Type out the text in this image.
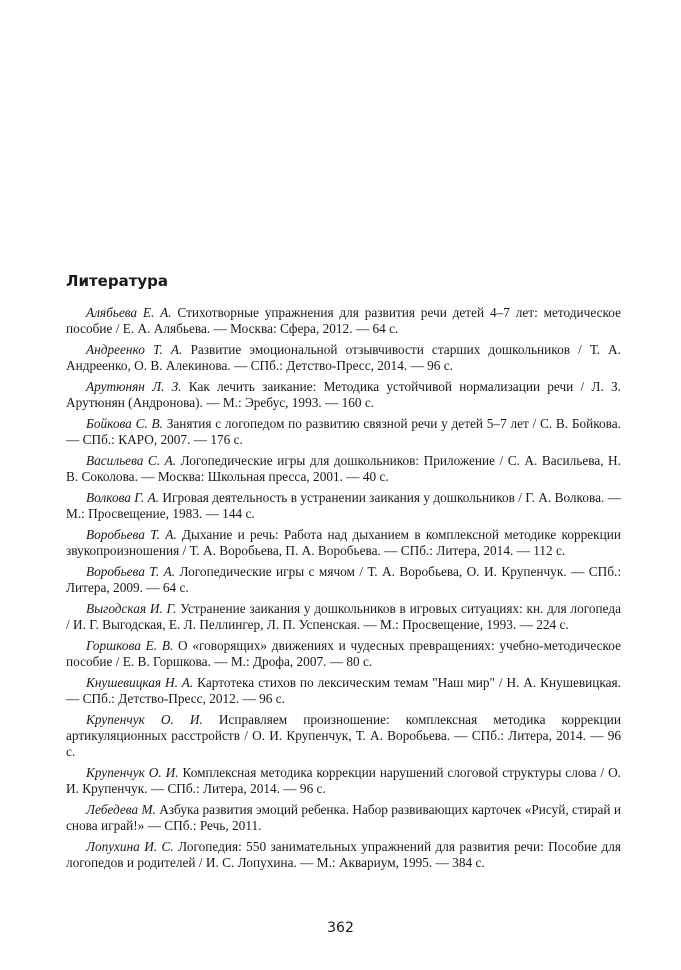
Литература

Алябьева Е. А. Стихотворные упражнения для развития речи детей 4–7 лет: методическое пособие / Е. А. Алябьева. — Москва: Сфера, 2012. — 64 с.

Андреенко Т. А. Развитие эмоциональной отзывчивости старших дошкольников / Т. А. Андреенко, О. В. Алекинова. — СПб.: Детство-Пресс, 2014. — 96 с.

Арутюнян Л. З. Как лечить заикание: Методика устойчивой нормализации речи / Л. З. Арутюнян (Андронова). — М.: Эребус, 1993. — 160 с.

Бойкова С. В. Занятия с логопедом по развитию связной речи у детей 5–7 лет / С. В. Бойкова. — СПб.: КАРО, 2007. — 176 с.

Васильева С. А. Логопедические игры для дошкольников: Приложение / С. А. Васильева, Н. В. Соколова. — Москва: Школьная пресса, 2001. — 40 с.

Волкова Г. А. Игровая деятельность в устранении заикания у дошкольников / Г. А. Волкова. — М.: Просвещение, 1983. — 144 с.

Воробьева Т. А. Дыхание и речь: Работа над дыханием в комплексной методике коррекции звукопроизношения / Т. А. Воробьева, П. А. Воробьева. — СПб.: Литера, 2014. — 112 с.

Воробьева Т. А. Логопедические игры с мячом / Т. А. Воробьева, О. И. Крупенчук. — СПб.: Литера, 2009. — 64 с.

Выгодская И. Г. Устранение заикания у дошкольников в игровых ситуациях: кн. для логопеда / И. Г. Выгодская, Е. Л. Пеллингер, Л. П. Успенская. — М.: Просвещение, 1993. — 224 с.

Горшкова Е. В. О «говорящих» движениях и чудесных превращениях: учебно-методическое пособие / Е. В. Горшкова. — М.: Дрофа, 2007. — 80 с.

Кнушевицкая Н. А. Картотека стихов по лексическим темам "Наш мир" / Н. А. Кнушевицкая. — СПб.: Детство-Пресс, 2012. — 96 с.

Крупенчук О. И. Исправляем произношение: комплексная методика коррекции артикуляционных расстройств / О. И. Крупенчук, Т. А. Воробьева. — СПб.: Литера, 2014. — 96 с.

Крупенчук О. И. Комплексная методика коррекции нарушений слоговой структуры слова / О. И. Крупенчук. — СПб.: Литера, 2014. — 96 с.

Лебедева М. Азбука развития эмоций ребенка. Набор развивающих карточек «Рисуй, стирай и снова играй!» — СПб.: Речь, 2011.

Лопухина И. С. Логопедия: 550 занимательных упражнений для развития речи: Пособие для логопедов и родителей / И. С. Лопухина. — М.: Аквариум, 1995. — 384 с.

362
